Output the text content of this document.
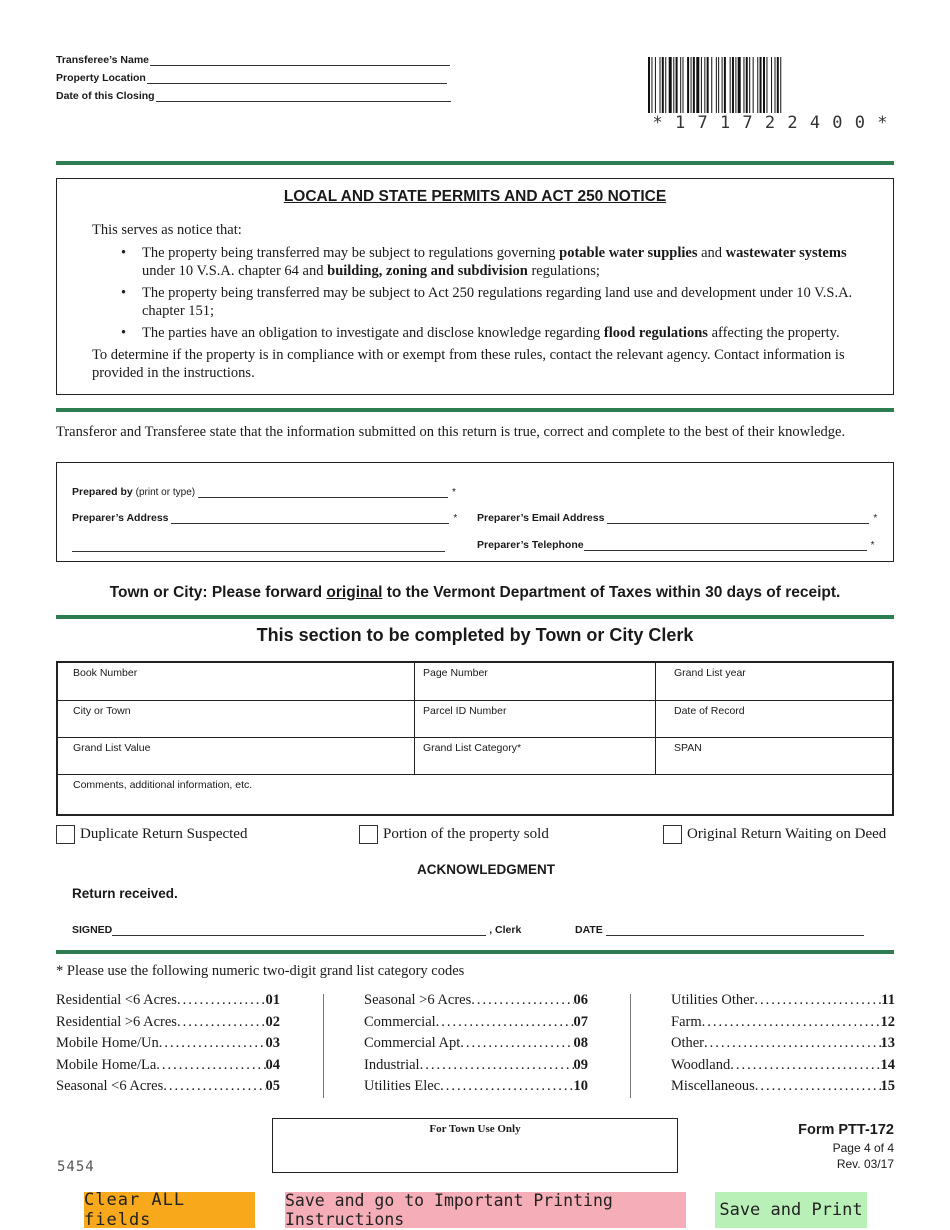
Transferee’s Name
Property Location
Date of this Closing
* 1 7 1 7 2 2 4 0 0 *
LOCAL AND STATE PERMITS AND ACT 250 NOTICE
This serves as notice that:
• The property being transferred may be subject to regulations governing potable water supplies and wastewater systems under 10 V.S.A. chapter 64 and building, zoning and subdivision regulations;
• The property being transferred may be subject to Act 250 regulations regarding land use and development under 10 V.S.A. chapter 151;
• The parties have an obligation to investigate and disclose knowledge regarding flood regulations affecting the property.
To determine if the property is in compliance with or exempt from these rules, contact the relevant agency. Contact information is provided in the instructions.
Transferor and Transferee state that the information submitted on this return is true, correct and complete to the best of their knowledge.
Prepared by
(print or type)
	*
Preparer’s Address
	* Preparer’s Email Address
	*
Preparer’s Telephone	*
Town or City: Please forward original to the Vermont Department of Taxes within 30 days of receipt.
This section to be completed by Town or City Clerk
Book Number	Page Number	Grand List year
City or Town	Parcel ID Number	Date of Record
Grand List Value	Grand List Category*	SPAN
Comments, additional information, etc.
Duplicate Return Suspected	Portion of the property sold	Original Return Waiting on Deed
ACKNOWLEDGMENT
Return received.
SIGNED
	, Clerk	DATE

* Please use the following numeric two-digit grand list category codes
Residential <6 Acres .....	01
Residential >6 Acres .....	02
Mobile Home/Un .....	03
Mobile Home/La .....	04
Seasonal <6 Acres .....	05
Seasonal >6 Acres .....	06
Commercial .....	07
Commercial Apt .....	08
Industrial .....	09
Utilities Elec .....	10
Utilities Other .....	11
Farm .....	12
Other .....	13
Woodland .....	14
Miscellaneous .....	15
For Town Use Only	Form PTT-172
Page 4 of 4
Rev. 03/17
5454
Clear ALL fields
Save and go to Important Printing Instructions	Save and Print
